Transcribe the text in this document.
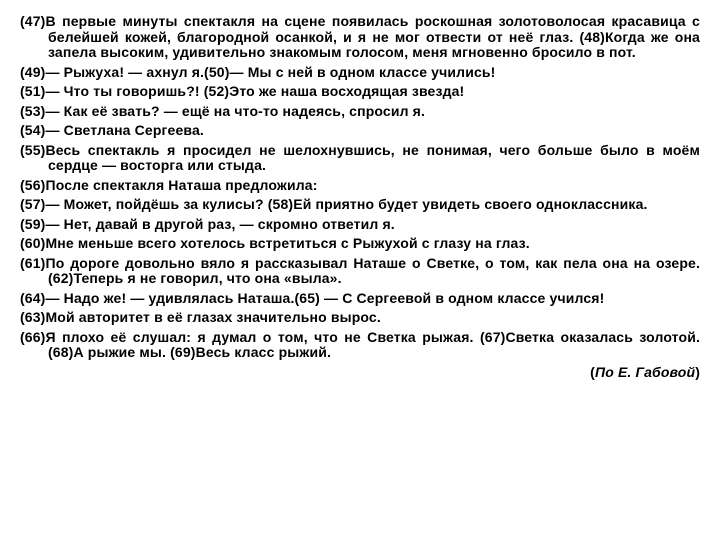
(47)В первые минуты спектакля на сцене появилась роскошная золотоволосая красавица с белейшей кожей, благородной осанкой, и я не мог отвести от неё глаз. (48)Когда же она запела высоким, удивительно знакомым голосом, меня мгновенно бросило в пот.

(49)— Рыжуха! — ахнул я.(50)— Мы с ней в одном классе учились!

(51)— Что ты говоришь?! (52)Это же наша восходящая звезда!

(53)— Как её звать? — ещё на что-то надеясь, спросил я.

(54)— Светлана Сергеева.

(55)Весь спектакль я просидел не шелохнувшись, не понимая, чего больше было в моём сердце — восторга или стыда.

(56)После спектакля Наташа предложила:

(57)— Может, пойдёшь за кулисы? (58)Ей приятно будет увидеть своего одноклассника.

(59)— Нет, давай в другой раз, — скромно ответил я.

(60)Мне меньше всего хотелось встретиться с Рыжухой с глазу на глаз.

(61)По дороге довольно вяло я рассказывал Наташе о Светке, о том, как пела она на озере. (62)Теперь я не говорил, что она «выла».

(64)— Надо же! — удивлялась Наташа.(65) — С Сергеевой в одном классе учился!

(63)Мой авторитет в её глазах значительно вырос.

(66)Я плохо её слушал: я думал о том, что не Светка рыжая. (67)Светка оказалась золотой. (68)А рыжие мы. (69)Весь класс рыжий.

(По Е. Габовой)
